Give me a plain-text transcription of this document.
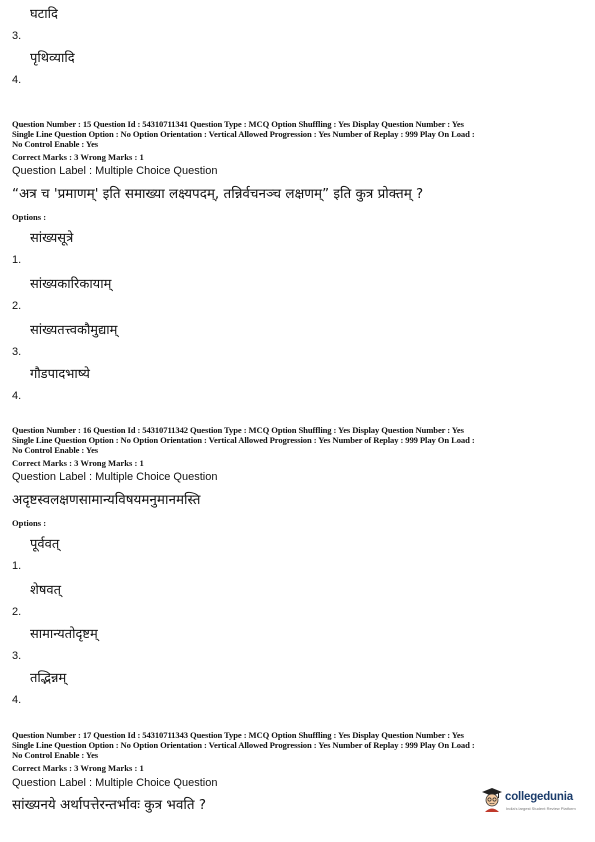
3.
घटादि
4.
पृथिव्यादि
Question Number : 15 Question Id : 54310711341 Question Type : MCQ Option Shuffling : Yes Display Question Number : Yes
Single Line Question Option : No Option Orientation : Vertical Allowed Progression : Yes Number of Replay : 999 Play On Load :
No Control Enable : Yes
Correct Marks : 3 Wrong Marks : 1
Question Label : Multiple Choice Question
“अत्र च 'प्रमाणम्' इति समाख्या लक्ष्यपदम्, तन्निर्वचनञ्च लक्षणम्” इति कुत्र प्रोक्तम् ?
Options :
1.
सांख्यसूत्रे
2.
सांख्यकारिकायाम्
3.
सांख्यतत्त्वकौमुद्याम्
4.
गौडपादभाष्ये
Question Number : 16 Question Id : 54310711342 Question Type : MCQ Option Shuffling : Yes Display Question Number : Yes
Single Line Question Option : No Option Orientation : Vertical Allowed Progression : Yes Number of Replay : 999 Play On Load :
No Control Enable : Yes
Correct Marks : 3 Wrong Marks : 1
Question Label : Multiple Choice Question
अदृष्टस्वलक्षणसामान्यविषयमनुमानमस्ति
Options :
1.
पूर्ववत्
2.
शेषवत्
3.
सामान्यतोदृष्टम्
4.
तद्भिन्नम्
Question Number : 17 Question Id : 54310711343 Question Type : MCQ Option Shuffling : Yes Display Question Number : Yes
Single Line Question Option : No Option Orientation : Vertical Allowed Progression : Yes Number of Replay : 999 Play On Load :
No Control Enable : Yes
Correct Marks : 3 Wrong Marks : 1
Question Label : Multiple Choice Question
सांख्यनये अर्थापत्तेरन्तर्भावः कुत्र भवति ?	collegedunia
India's largest Student Review Platform
